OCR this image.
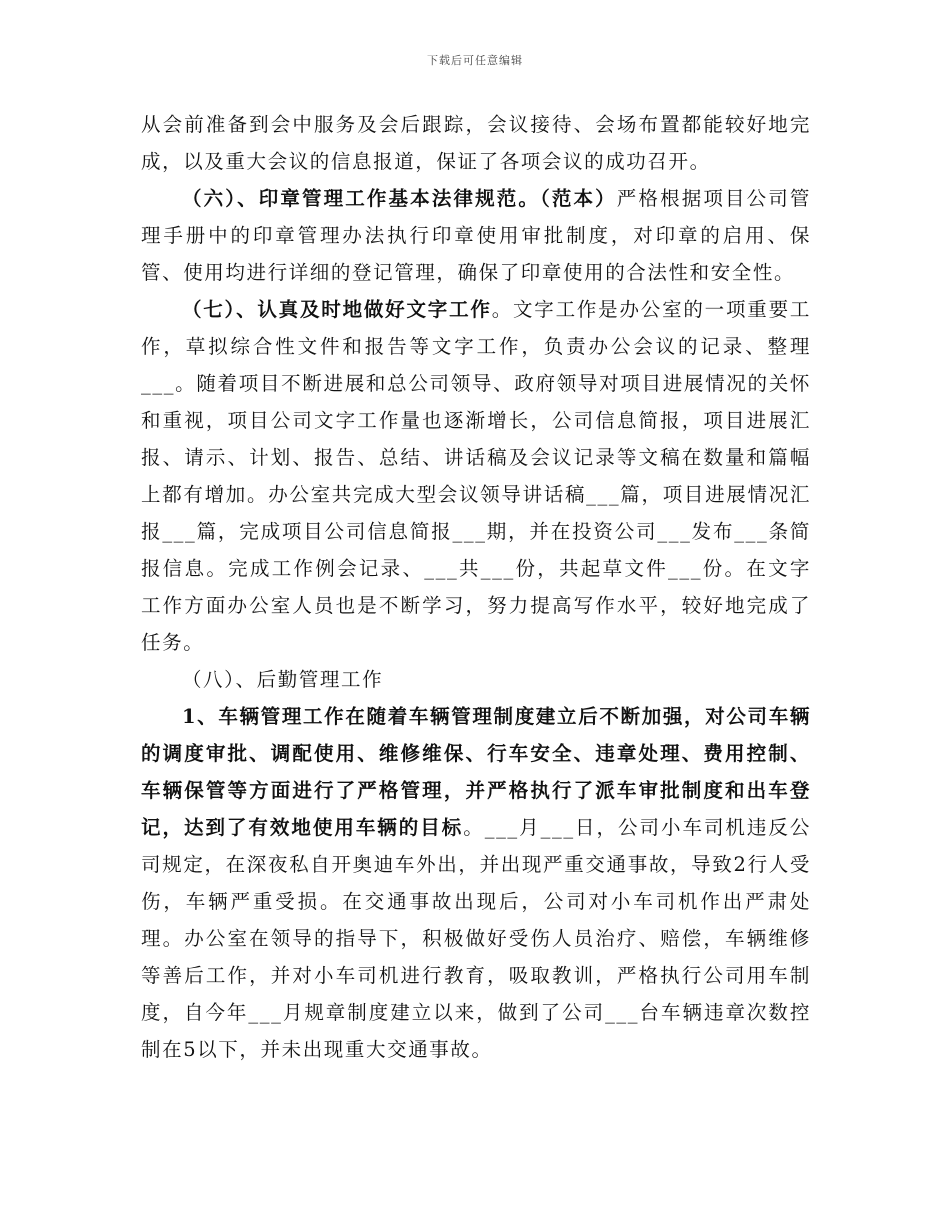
下载后可任意编辑

从会前准备到会中服务及会后跟踪，会议接待、会场布置都能较好地完成，以及重大会议的信息报道，保证了各项会议的成功召开。

（六）、印章管理工作基本法律规范。（范本）严格根据项目公司管理手册中的印章管理办法执行印章使用审批制度，对印章的启用、保管、使用均进行详细的登记管理，确保了印章使用的合法性和安全性。

（七）、认真及时地做好文字工作。文字工作是办公室的一项重要工作，草拟综合性文件和报告等文字工作，负责办公会议的记录、整理___。随着项目不断进展和总公司领导、政府领导对项目进展情况的关怀和重视，项目公司文字工作量也逐渐增长，公司信息简报，项目进展汇报、请示、计划、报告、总结、讲话稿及会议记录等文稿在数量和篇幅上都有增加。办公室共完成大型会议领导讲话稿___篇，项目进展情况汇报___篇，完成项目公司信息简报___期，并在投资公司___发布___条简报信息。完成工作例会记录、___共___份，共起草文件___份。在文字工作方面办公室人员也是不断学习，努力提高写作水平，较好地完成了任务。

（八）、后勤管理工作

1、车辆管理工作在随着车辆管理制度建立后不断加强，对公司车辆的调度审批、调配使用、维修维保、行车安全、违章处理、费用控制、车辆保管等方面进行了严格管理，并严格执行了派车审批制度和出车登记，达到了有效地使用车辆的目标。___月___日，公司小车司机违反公司规定，在深夜私自开奥迪车外出，并出现严重交通事故，导致2行人受伤，车辆严重受损。在交通事故出现后，公司对小车司机作出严肃处理。办公室在领导的指导下，积极做好受伤人员治疗、赔偿，车辆维修等善后工作，并对小车司机进行教育，吸取教训，严格执行公司用车制度，自今年___月规章制度建立以来，做到了公司___台车辆违章次数控制在5以下，并未出现重大交通事故。
